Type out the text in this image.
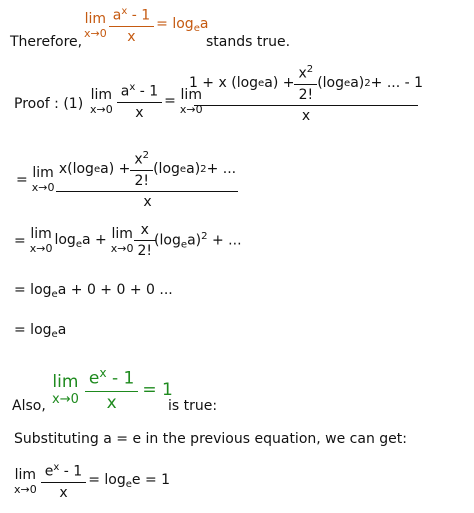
Therefore,
lim
$x\to 0 \frac{a^x - 1}{x} = \log_ea$
stands true.
Proof : (1)
lim
$x\to 0 \frac{a^x - 1}{x} = \lim$
x→0
$\frac{1 + x (\log e a) + \frac{x^2}{2!} (\log e a) 2 + ... - 1}{x}$
= lim
$x\to 0 \frac{x(\log e a) + \frac{x^2}{2!} (\log e a) 2 + ...}{x}$
= lim
x→0
$\log_ea + \lim$
$x\to 0 \frac{x}{2!} (\log_ea)^2$ + ...
= $\log_ea + 0 + 0 + 0$ ...
= $\log_ea$
Also,
lim
$x\to 0 \frac{e^x - 1}{x} = 1$
is true:
Substituting a = e in the previous equation, we can get:
lim
$x\to 0 \frac{e^x - 1}{x} = \log_ee = 1$
